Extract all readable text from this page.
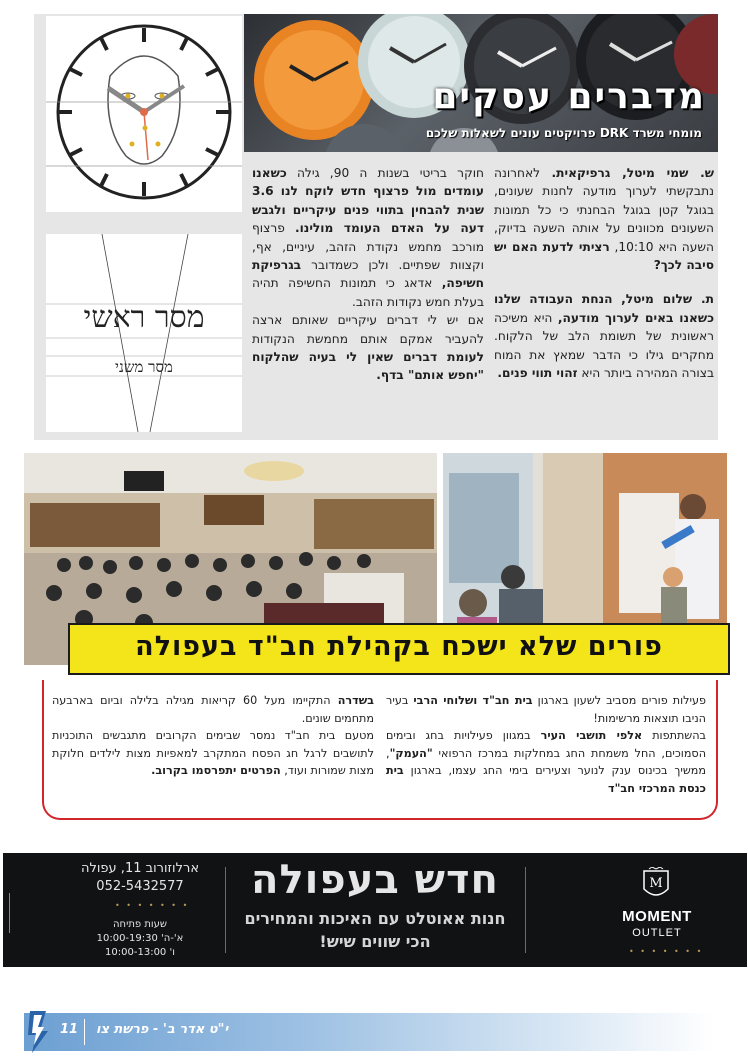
מדברים עסקים
מומחי משרד DRK פרויקטים עונים לשאלות שלכם
מסר ראשי
מסר משני

ש. שמי מיטל, גרפיקאית. לאחרונה נתבקשתי לערוך מודעה לחנות שעונים, בגוגל קטן בגוגל הבחנתי כי כל תמונות השעונים מכוונים על אותה השעה בדיוק, השעה היא 10:10, רציתי לדעת האם יש סיבה לכך?

ת. שלום מיטל, הנחת העבודה שלנו כשאנו באים לערוך מודעה, היא משיכה ראשונית של תשומת הלב של הלקוח. מחקרים גילו כי הדבר שמאץ את המוח בצורה המהירה ביותר היא זהוי תווי פנים.

חוקר בריטי בשנות ה 90, גילה כשאנו עומדים מול פרצוף חדש לוקח לנו 3.6 שנית להבחין בתווי פנים עיקריים ולגבש דעה על האדם העומד מולינו. פרצוף מורכב מחמש נקודת הזהב, עיניים, אף, וקצוות שפתיים. ולכן כשמדובר בגרפיקת חשיפה, אדאג כי תמונות החשיפה תהיה בעלת חמש נקודות הזהב.

אם יש לי דברים עיקריים שאותם ארצה להעביר אמקם אותם מחמשת הנקודות לעומת דברים שאין לי בעיה שהלקוח "יחפש אותם" בדף.

פורים שלא ישכח בקהילת חב"ד בעפולה
פעילות פורים מסביב לשעון בארגון בית חב"ד ושלוחי הרבי בעיר הניבו תוצאות מרשימות!
בהשתתפות אלפי תושבי העיר במגוון פעילויות בחג ובימים הסמוכים, החל משמחת החג במחלקות במרכז הרפואי "העמק", ממשיך בכינוס ענק לנוער וצעירים בימי החג עצמו, בארגון בית כנסת המרכזי חב"ד
בשדרה התקיימו מעל 60 קריאות מגילה בלילה וביום בארבעה מתחמים שונים.
מטעם בית חב"ד נמסר שבימים הקרובים מתגבשים התוכניות לתושבים לרגל חג הפסח המתקרב למאפיות מצות לילדים חלוקת מצות שמורות ועוד, הפרטים יתפרסמו בקרוב.
ארלוזורוב 11, עפולה
052-5432577
• • • • • • •
שעות פתיחה
א'-ה' 10:00-19:30
ו' 10:00-13:00
חדש בעפולה
חנות אאוטלט עם האיכות והמחירים
הכי שווים שיש!
M
MOMENT
OUTLET
• • • • • • •
11 י"ט אדר ב' - פרשת צו
